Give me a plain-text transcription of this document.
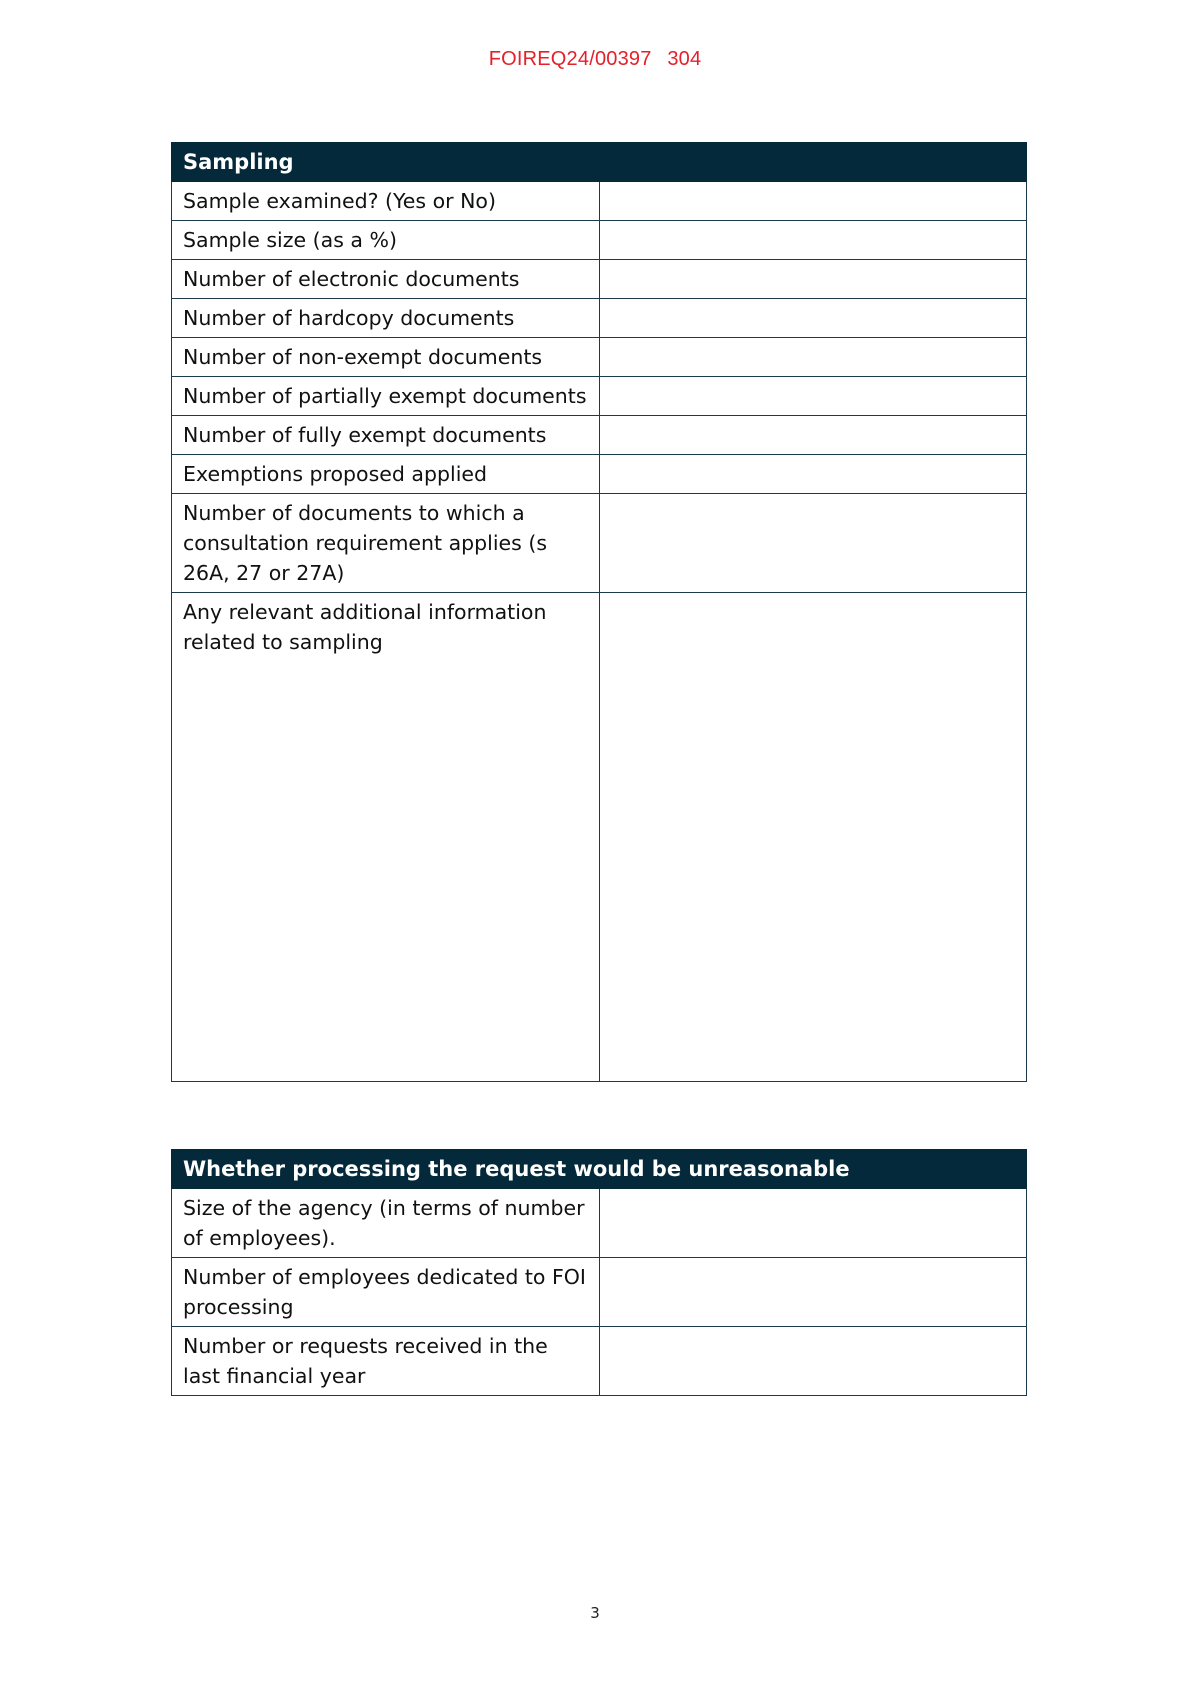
FOIREQ24/00397 304
Sampling	
Sample examined? (Yes or No)	
Sample size (as a %)	
Number of electronic documents	
Number of hardcopy documents	
Number of non-exempt documents	
Number of partially exempt documents	
Number of fully exempt documents	
Exemptions proposed applied	
Number of documents to which a consultation requirement applies (s 26A, 27 or 27A)	
Any relevant additional information related to sampling	
Whether processing the request would be unreasonable	
Size of the agency (in terms of number of employees).	
Number of employees dedicated to FOI processing	
Number or requests received in the last financial year	
3
